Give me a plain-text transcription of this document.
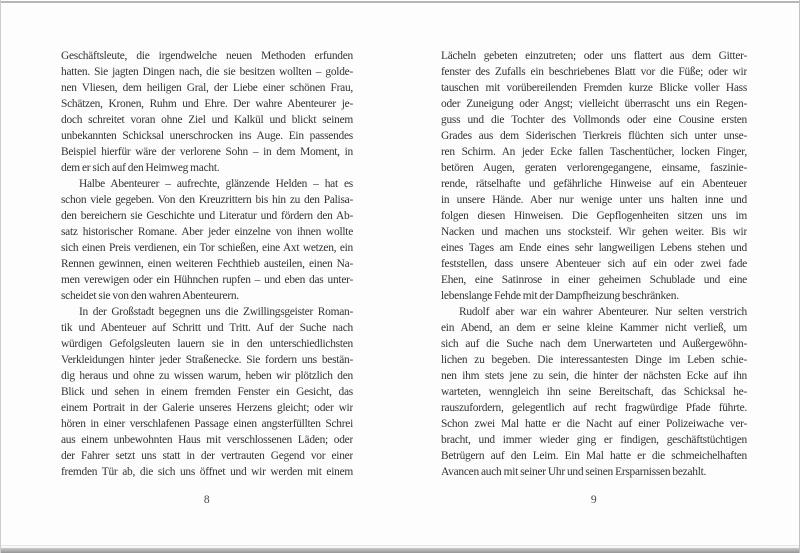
Geschäftsleute, die irgendwelche neuen Methoden erfunden
hatten. Sie jagten Dingen nach, die sie besitzen wollten – golde-
nen Vliesen, dem heiligen Gral, der Liebe einer schönen Frau,
Schätzen, Kronen, Ruhm und Ehre. Der wahre Abenteurer je-
doch schreitet voran ohne Ziel und Kalkül und blickt seinem
unbekannten Schicksal unerschrocken ins Auge. Ein passendes
Beispiel hierfür wäre der verlorene Sohn – in dem Moment, in
dem er sich auf den Heimweg macht.
Halbe Abenteurer – aufrechte, glänzende Helden – hat es
schon viele gegeben. Von den Kreuzrittern bis hin zu den Palisa-
den bereichern sie Geschichte und Literatur und fördern den Ab-
satz historischer Romane. Aber jeder einzelne von ihnen wollte
sich einen Preis verdienen, ein Tor schießen, eine Axt wetzen, ein
Rennen gewinnen, einen weiteren Fechthieb austeilen, einen Na-
men verewigen oder ein Hühnchen rupfen – und eben das unter-
scheidet sie von den wahren Abenteurern.
In der Großstadt begegnen uns die Zwillingsgeister Roman-
tik und Abenteuer auf Schritt und Tritt. Auf der Suche nach
würdigen Gefolgsleuten lauern sie in den unterschiedlichsten
Verkleidungen hinter jeder Straßenecke. Sie fordern uns bestän-
dig heraus und ohne zu wissen warum, heben wir plötzlich den
Blick und sehen in einem fremden Fenster ein Gesicht, das
einem Portrait in der Galerie unseres Herzens gleicht; oder wir
hören in einer verschlafenen Passage einen angsterfüllten Schrei
aus einem unbewohnten Haus mit verschlossenen Läden; oder
der Fahrer setzt uns statt in der vertrauten Gegend vor einer
fremden Tür ab, die sich uns öffnet und wir werden mit einem
8
Lächeln gebeten einzutreten; oder uns flattert aus dem Gitter-
fenster des Zufalls ein beschriebenes Blatt vor die Füße; oder wir
tauschen mit vorübereilenden Fremden kurze Blicke voller Hass
oder Zuneigung oder Angst; vielleicht überrascht uns ein Regen-
guss und die Tochter des Vollmonds oder eine Cousine ersten
Grades aus dem Siderischen Tierkreis flüchten sich unter unse-
ren Schirm. An jeder Ecke fallen Taschentücher, locken Finger,
betören Augen, geraten verlorengegangene, einsame, faszinie-
rende, rätselhafte und gefährliche Hinweise auf ein Abenteuer
in unsere Hände. Aber nur wenige unter uns halten inne und
folgen diesen Hinweisen. Die Gepflogenheiten sitzen uns im
Nacken und machen uns stocksteif. Wir gehen weiter. Bis wir
eines Tages am Ende eines sehr langweiligen Lebens stehen und
feststellen, dass unsere Abenteuer sich auf ein oder zwei fade
Ehen, eine Satinrose in einer geheimen Schublade und eine
lebenslange Fehde mit der Dampfheizung beschränken.
Rudolf aber war ein wahrer Abenteurer. Nur selten verstrich
ein Abend, an dem er seine kleine Kammer nicht verließ, um
sich auf die Suche nach dem Unerwarteten und Außergewöhn-
lichen zu begeben. Die interessantesten Dinge im Leben schie-
nen ihm stets jene zu sein, die hinter der nächsten Ecke auf ihn
warteten, wenngleich ihn seine Bereitschaft, das Schicksal he-
rauszufordern, gelegentlich auf recht fragwürdige Pfade führte.
Schon zwei Mal hatte er die Nacht auf einer Polizeiwache ver-
bracht, und immer wieder ging er findigen, geschäftstüchtigen
Betrügern auf den Leim. Ein Mal hatte er die schmeichelhaften
Avancen auch mit seiner Uhr und seinen Ersparnissen bezahlt.
9
